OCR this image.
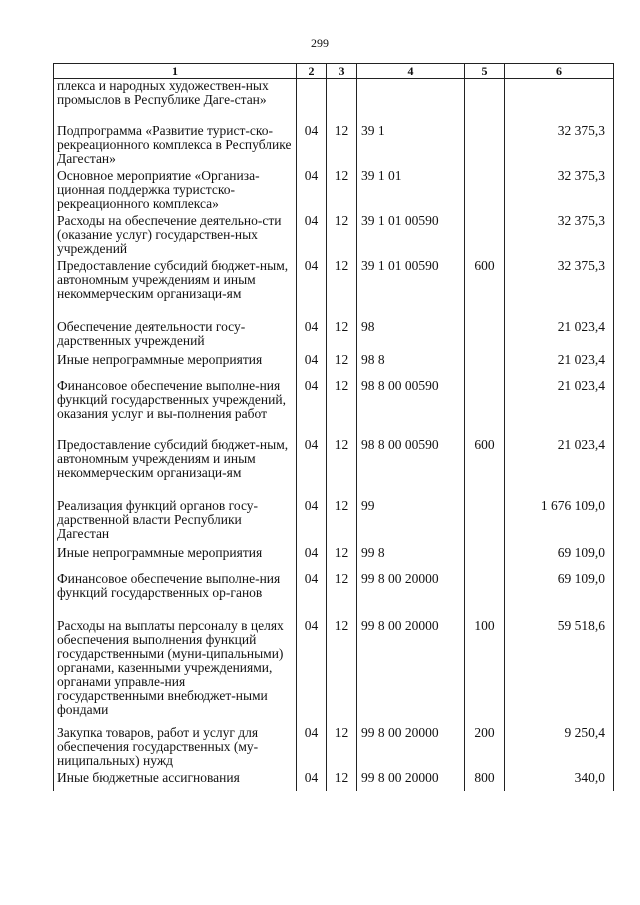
299
1	2	3	4	5	6
плекса и народных художествен-ных промыслов в Республике Даге-стан»					
Подпрограмма «Развитие турист-ско-рекреационного комплекса в Республике Дагестан»	04	12	39 1		32 375,3
Основное мероприятие «Организа-ционная поддержка туристско-рекреационного комплекса»	04	12	39 1 01		32 375,3
Расходы на обеспечение деятельно-сти (оказание услуг) государствен-ных учреждений	04	12	39 1 01 00590		32 375,3
Предоставление субсидий бюджет-ным, автономным учреждениям и иным некоммерческим организаци-ям	04	12	39 1 01 00590	600	32 375,3
Обеспечение деятельности госу-дарственных учреждений	04	12	98		21 023,4
Иные непрограммные мероприятия	04	12	98 8		21 023,4
Финансовое обеспечение выполне-ния функций государственных учреждений, оказания услуг и вы-полнения работ	04	12	98 8 00 00590		21 023,4
Предоставление субсидий бюджет-ным, автономным учреждениям и иным некоммерческим организаци-ям	04	12	98 8 00 00590	600	21 023,4
Реализация функций органов госу-дарственной власти Республики Дагестан	04	12	99		1 676 109,0
Иные непрограммные мероприятия	04	12	99 8		69 109,0
Финансовое обеспечение выполне-ния функций государственных ор-ганов	04	12	99 8 00 20000		69 109,0
Расходы на выплаты персоналу в целях обеспечения выполнения функций государственными (муни-ципальными) органами, казенными учреждениями, органами управле-ния государственными внебюджет-ными фондами	04	12	99 8 00 20000	100	59 518,6
Закупка товаров, работ и услуг для обеспечения государственных (му-ниципальных) нужд	04	12	99 8 00 20000	200	9 250,4
Иные бюджетные ассигнования	04	12	99 8 00 20000	800	340,0
